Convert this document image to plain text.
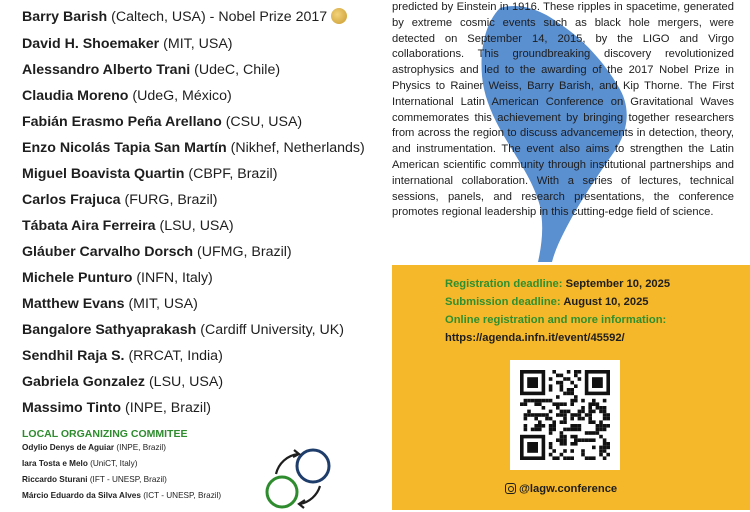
Barry Barish (Caltech, USA) - Nobel Prize 2017
David H. Shoemaker (MIT, USA)
Alessandro Alberto Trani (UdeC, Chile)
Claudia Moreno (UdeG, México)
Fabián Erasmo Peña Arellano (CSU, USA)
Enzo Nicolás Tapia San Martín (Nikhef, Netherlands)
Miguel Boavista Quartin (CBPF, Brazil)
Carlos Frajuca (FURG, Brazil)
Tábata Aira Ferreira (LSU, USA)
Gláuber Carvalho Dorsch (UFMG, Brazil)
Michele Punturo (INFN, Italy)
Matthew Evans (MIT, USA)
Bangalore Sathyaprakash (Cardiff University, UK)
Sendhil Raja S. (RRCAT, India)
Gabriela Gonzalez (LSU, USA)
Massimo Tinto (INPE, Brazil)
LOCAL ORGANIZING COMMITEE
Odylio Denys de Aguiar (INPE, Brazil)
Iara Tosta e Melo (UniCT, Italy)
Riccardo Sturani (IFT - UNESP, Brazil)
Márcio Eduardo da Silva Alves (ICT - UNESP, Brazil)

predicted by Einstein in 1916. These ripples in spacetime, generated by extreme cosmic events such as black hole mergers, were detected on September 14, 2015, by the LIGO and Virgo collaborations. This groundbreaking discovery revolutionized astrophysics and led to the awarding of the 2017 Nobel Prize in Physics to Rainer Weiss, Barry Barish, and Kip Thorne. The First International Latin American Conference on Gravitational Waves commemorates this achievement by bringing together researchers from across the region to discuss advancements in detection, theory, and instrumentation. The event also aims to strengthen the Latin American scientific community through institutional partnerships and international collaboration. With a series of lectures, technical sessions, panels, and research presentations, the conference promotes regional leadership in this cutting-edge field of science.

Registration deadline: September 10, 2025
Submission deadline: August 10, 2025
Online registration and more information:
https://agenda.infn.it/event/45592/
@lagw.conference
